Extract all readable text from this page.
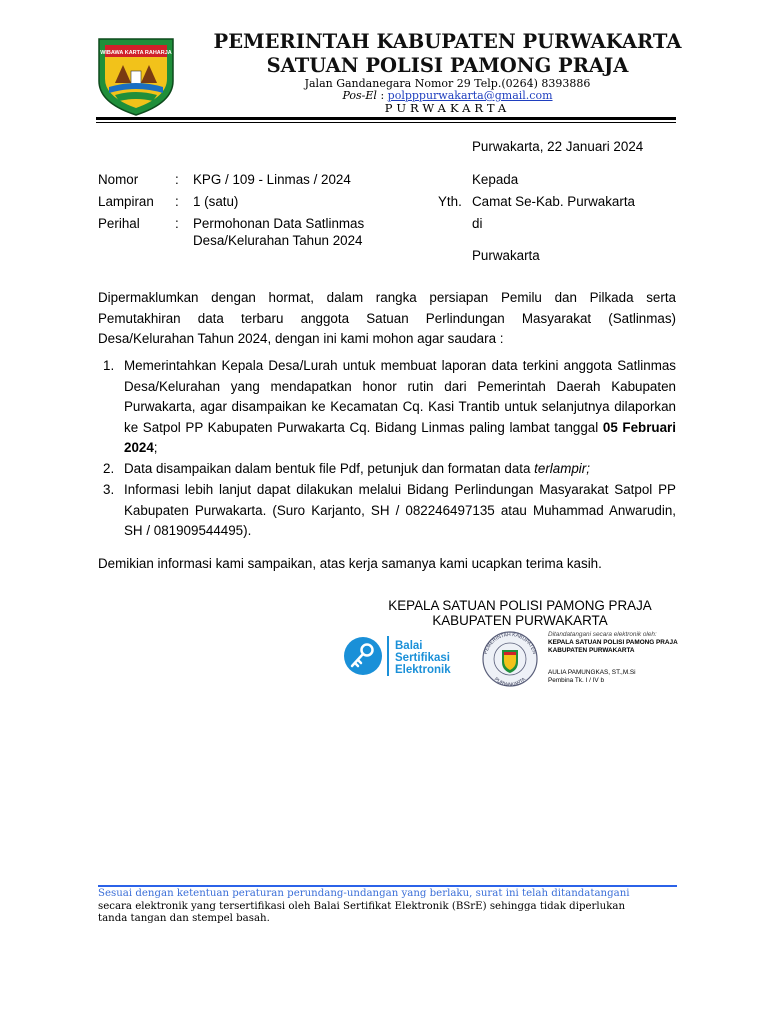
WIBAWA KARTA RAHARJA	PEMERINTAH KABUPATEN PURWAKARTA
SATUAN POLISI PAMONG PRAJA
Jalan Gandanegara Nomor 29 Telp.(0264) 8393886
Pos-El : polpppurwakarta@gmail.com
PURWAKARTA
Purwakarta, 22 Januari 2024
Nomor	: KPG / 109 - Linmas / 2024
Lampiran : 1 (satu)
Perihal	: Permohonan Data Satlinmas
Desa/Kelurahan Tahun 2024
Kepada
Yth. Camat Se-Kab. Purwakarta
di
Purwakarta
Dipermaklumkan dengan hormat, dalam rangka persiapan Pemilu dan Pilkada serta Pemutakhiran data terbaru anggota Satuan Perlindungan Masyarakat (Satlinmas) Desa/Kelurahan Tahun 2024, dengan ini kami mohon agar saudara :
1. Memerintahkan Kepala Desa/Lurah untuk membuat laporan data terkini anggota Satlinmas Desa/Kelurahan yang mendapatkan honor rutin dari Pemerintah Daerah Kabupaten Purwakarta, agar disampaikan ke Kecamatan Cq. Kasi Trantib untuk selanjutnya dilaporkan ke Satpol PP Kabupaten Purwakarta Cq. Bidang Linmas paling lambat tanggal 05 Februari 2024;
2. Data disampaikan dalam bentuk file Pdf, petunjuk dan formatan data terlampir;
3. Informasi lebih lanjut dapat dilakukan melalui Bidang Perlindungan Masyarakat Satpol PP Kabupaten Purwakarta. (Suro Karjanto, SH / 082246497135 atau Muhammad Anwarudin, SH / 081909544495).
Demikian informasi kami sampaikan, atas kerja samanya kami ucapkan terima kasih.
KEPALA SATUAN POLISI PAMONG PRAJA
KABUPATEN PURWAKARTA
Balai
Sertifikasi
Elektronik
PEMERINTAH KABUPATEN
PURWAKARTA
Ditandatangani secara elektronik oleh:
KEPALA SATUAN POLISI PAMONG PRAJA
KABUPATEN PURWAKARTA
AULIA PAMUNGKAS, ST.,M.Si
Pembina Tk. I / IV b
Sesuai dengan ketentuan peraturan perundang-undangan yang berlaku, surat ini telah ditandatangani
secara elektronik yang tersertifikasi oleh Balai Sertifikat Elektronik (BSrE) sehingga tidak diperlukan
tanda tangan dan stempel basah.
